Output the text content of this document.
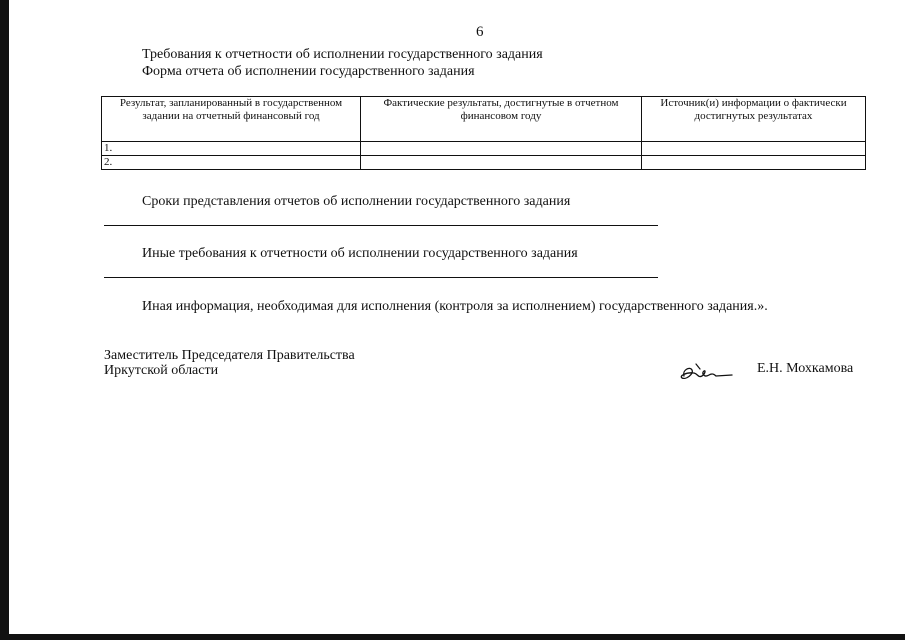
6
Требования к отчетности об исполнении государственного задания
Форма отчета об исполнении государственного задания
Результат, запланированный в государственном задании на отчетный финансовый год	Фактические результаты, достигнутые в отчетном финансовом году	Источник(и) информации о фактически достигнутых результатах
1.		
2.		
Сроки представления отчетов об исполнении государственного задания
Иные требования к отчетности об исполнении государственного задания
Иная информация, необходимая для исполнения (контроля за исполнением) государственного задания.».
Заместитель Председателя Правительства
Иркутской области	Е.Н. Мохкамова
